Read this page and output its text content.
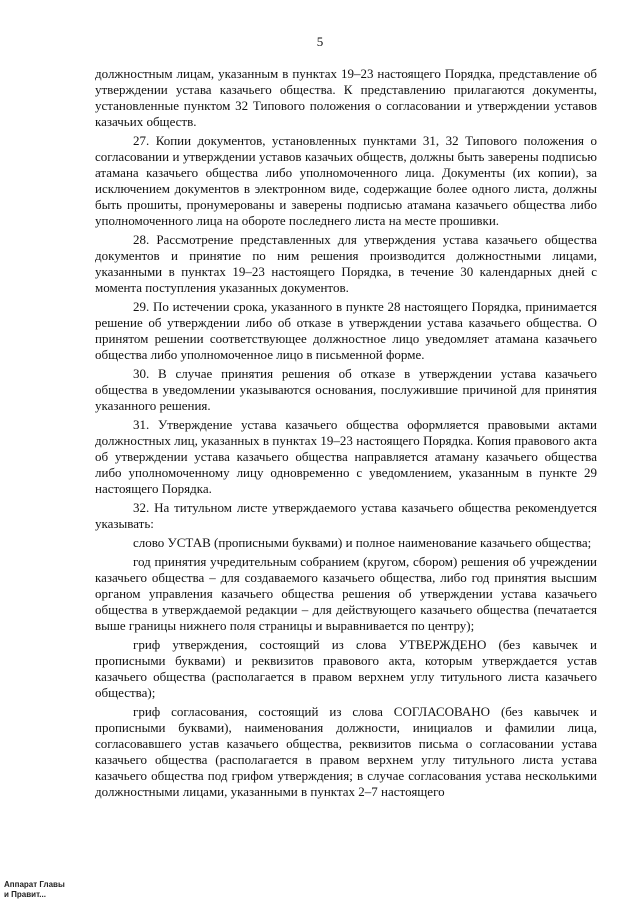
5

должностным лицам, указанным в пунктах 19–23 настоящего Порядка, представление об утверждении устава казачьего общества. К представлению прилагаются документы, установленные пунктом 32 Типового положения о согласовании и утверждении уставов казачьих обществ.

27. Копии документов, установленных пунктами 31, 32 Типового положения о согласовании и утверждении уставов казачьих обществ, должны быть заверены подписью атамана казачьего общества либо уполномоченного лица. Документы (их копии), за исключением документов в электронном виде, содержащие более одного листа, должны быть прошиты, пронумерованы и заверены подписью атамана казачьего общества либо уполномоченного лица на обороте последнего листа на месте прошивки.

28. Рассмотрение представленных для утверждения устава казачьего общества документов и принятие по ним решения производится должностными лицами, указанными в пунктах 19–23 настоящего Порядка, в течение 30 календарных дней с момента поступления указанных документов.

29. По истечении срока, указанного в пункте 28 настоящего Порядка, принимается решение об утверждении либо об отказе в утверждении устава казачьего общества. О принятом решении соответствующее должностное лицо уведомляет атамана казачьего общества либо уполномоченное лицо в письменной форме.

30. В случае принятия решения об отказе в утверждении устава казачьего общества в уведомлении указываются основания, послужившие причиной для принятия указанного решения.

31. Утверждение устава казачьего общества оформляется правовыми актами должностных лиц, указанных в пунктах 19–23 настоящего Порядка. Копия правового акта об утверждении устава казачьего общества направляется атаману казачьего общества либо уполномоченному лицу одновременно с уведомлением, указанным в пункте 29 настоящего Порядка.

32. На титульном листе утверждаемого устава казачьего общества рекомендуется указывать:

слово УСТАВ (прописными буквами) и полное наименование казачьего общества;

год принятия учредительным собранием (кругом, сбором) решения об учреждении казачьего общества – для создаваемого казачьего общества, либо год принятия высшим органом управления казачьего общества решения об утверждении устава казачьего общества в утверждаемой редакции – для действующего казачьего общества (печатается выше границы нижнего поля страницы и выравнивается по центру);

гриф утверждения, состоящий из слова УТВЕРЖДЕНО (без кавычек и прописными буквами) и реквизитов правового акта, которым утверждается устав казачьего общества (располагается в правом верхнем углу титульного листа казачьего общества);

гриф согласования, состоящий из слова СОГЛАСОВАНО (без кавычек и прописными буквами), наименования должности, инициалов и фамилии лица, согласовавшего устав казачьего общества, реквизитов письма о согласовании устава казачьего общества (располагается в правом верхнем углу титульного листа устава казачьего общества под грифом утверждения; в случае согласования устава несколькими должностными лицами, указанными в пунктах 2–7 настоящего

Аппарат Главы
и Правит...
